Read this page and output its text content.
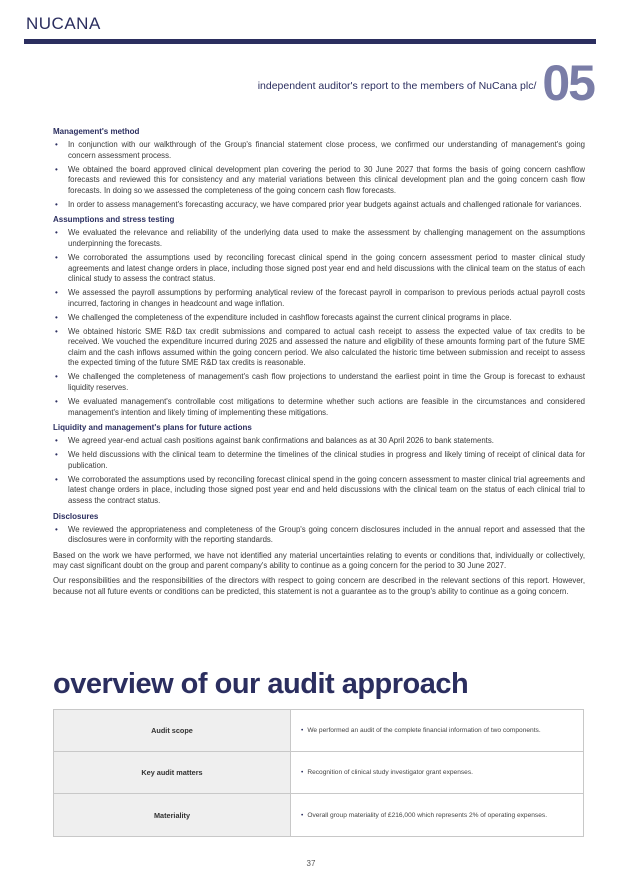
NUCANA
independent auditor's report to the members of NuCana plc/ 05
Management's method
• In conjunction with our walkthrough of the Group's financial statement close process, we confirmed our understanding of management's going concern assessment process.
• We obtained the board approved clinical development plan covering the period to 30 June 2027 that forms the basis of going concern cashflow forecasts and reviewed this for consistency and any material variations between this clinical development plan and the going concern cash flow forecasts. In doing so we assessed the completeness of the going concern cash flow forecasts.
• In order to assess management's forecasting accuracy, we have compared prior year budgets against actuals and challenged rationale for variances.
Assumptions and stress testing
• We evaluated the relevance and reliability of the underlying data used to make the assessment by challenging management on the assumptions underpinning the forecasts.
• We corroborated the assumptions used by reconciling forecast clinical spend in the going concern assessment period to master clinical study agreements and latest change orders in place, including those signed post year end and held discussions with the clinical team on the status of each clinical study to assess the contract status.
• We assessed the payroll assumptions by performing analytical review of the forecast payroll in comparison to previous periods actual payroll costs incurred, factoring in changes in headcount and wage inflation.
• We challenged the completeness of the expenditure included in cashflow forecasts against the current clinical programs in place.
• We obtained historic SME R&D tax credit submissions and compared to actual cash receipt to assess the expected value of tax credits to be received. We vouched the expenditure incurred during 2025 and assessed the nature and eligibility of these amounts forming part of the future SME claim and the cash inflows assumed within the going concern period. We also calculated the historic time between submission and receipt to assess the expected timing of the future SME R&D tax credits is reasonable.
• We challenged the completeness of management's cash flow projections to understand the earliest point in time the Group is forecast to exhaust liquidity reserves.
• We evaluated management's controllable cost mitigations to determine whether such actions are feasible in the circumstances and considered management's intention and likely timing of implementing these mitigations.
Liquidity and management's plans for future actions
• We agreed year-end actual cash positions against bank confirmations and balances as at 30 April 2026 to bank statements.
• We held discussions with the clinical team to determine the timelines of the clinical studies in progress and likely timing of receipt of clinical data for publication.
• We corroborated the assumptions used by reconciling forecast clinical spend in the going concern assessment to master clinical trial agreements and latest change orders in place, including those signed post year end and held discussions with the clinical team on the status of each clinical trial to assess the contract status.
Disclosures
• We reviewed the appropriateness and completeness of the Group's going concern disclosures included in the annual report and assessed that the disclosures were in conformity with the reporting standards.

Based on the work we have performed, we have not identified any material uncertainties relating to events or conditions that, individually or collectively, may cast significant doubt on the group and parent company's ability to continue as a going concern for the period to 30 June 2027.

Our responsibilities and the responsibilities of the directors with respect to going concern are described in the relevant sections of this report. However, because not all future events or conditions can be predicted, this statement is not a guarantee as to the group's ability to continue as a going concern.

overview of our audit approach
Audit scope	• We performed an audit of the complete financial information of two components.
Key audit matters	• Recognition of clinical study investigator grant expenses.
Materiality	• Overall group materiality of £216,000 which represents 2% of operating expenses.
37
